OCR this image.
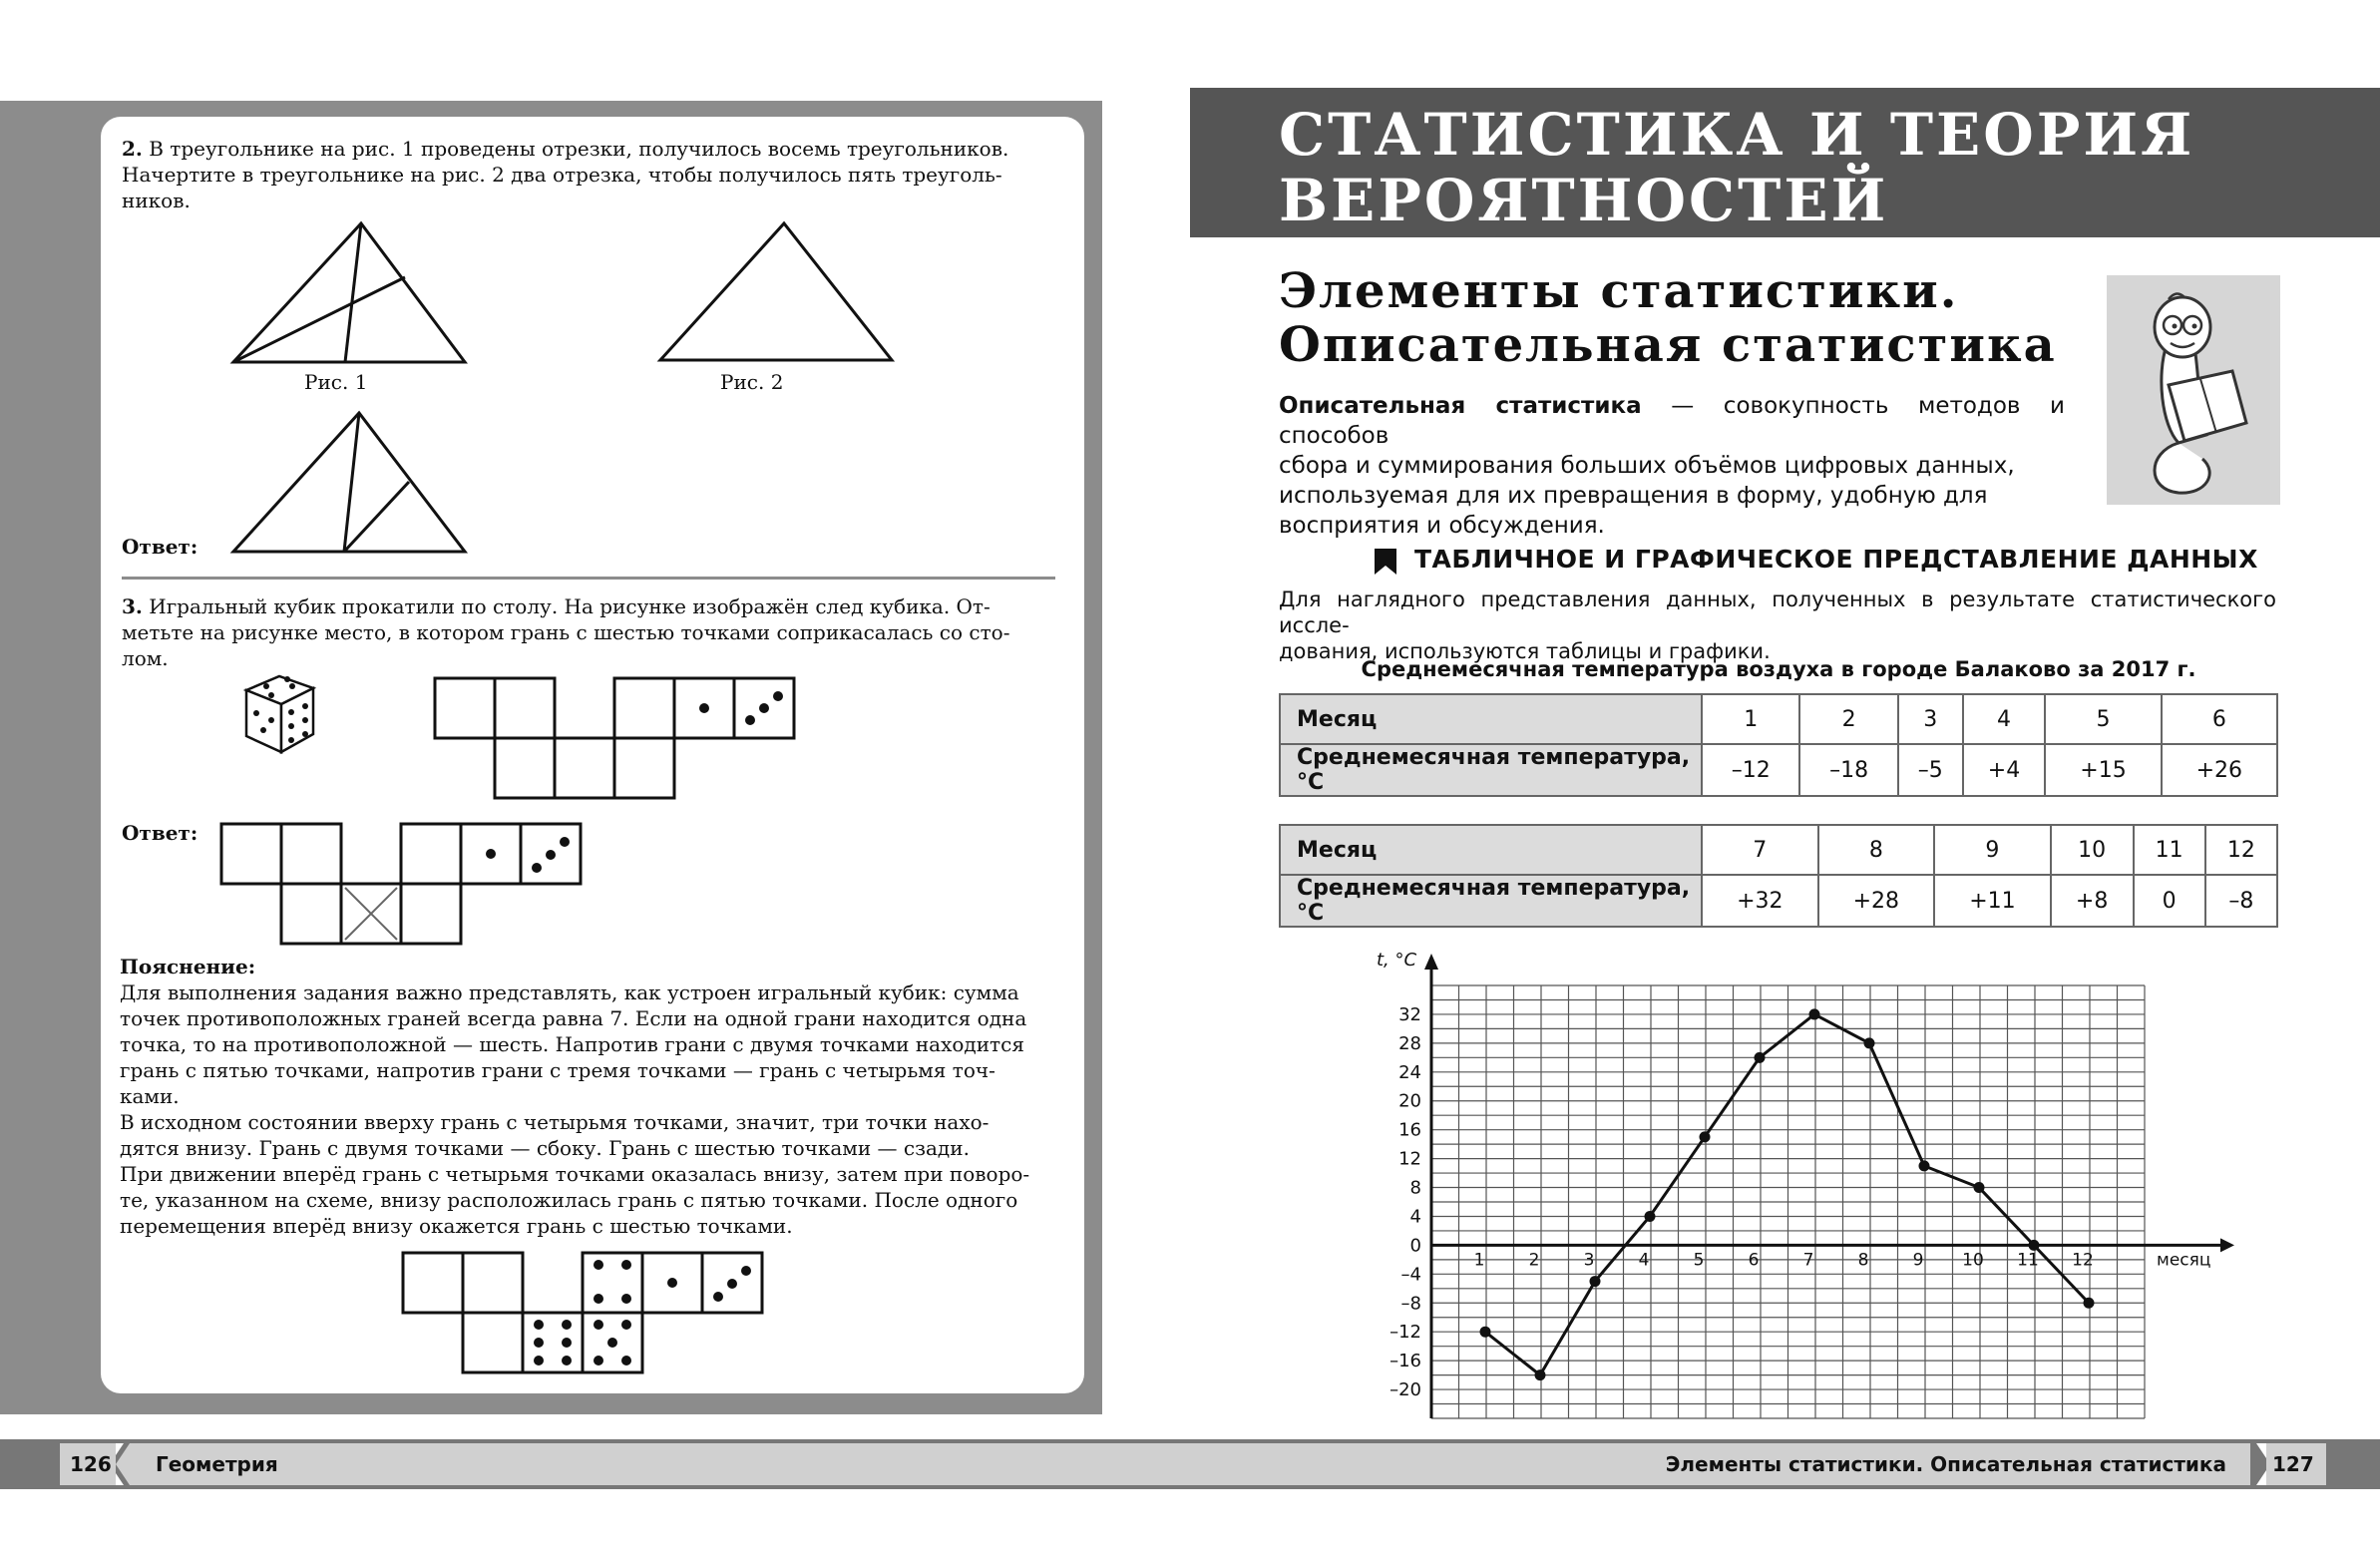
2. В треугольнике на рис. 1 проведены отрезки, получилось восемь треугольников.
Начертите в треугольнике на рис. 2 два отрезка, чтобы получилось пять треуголь-
ников.
Рис. 1	Рис. 2
Ответ:
3. Игральный кубик прокатили по столу. На рисунке изображён след кубика. От-
метьте на рисунке место, в котором грань с шестью точками соприкасалась со сто-
лом.
Ответ:
Пояснение:
Для выполнения задания важно представлять, как устроен игральный кубик: сумма
точек противоположных граней всегда равна 7. Если на одной грани находится одна
точка, то на противоположной — шесть. Напротив грани с двумя точками находится
грань с пятью точками, напротив грани с тремя точками — грань с четырьмя точ-
ками.
В исходном состоянии вверху грань с четырьмя точками, значит, три точки нахо-
дятся внизу. Грань с двумя точками — сбоку. Грань с шестью точками — сзади.
При движении вперёд грань с четырьмя точками оказалась внизу, затем при поворо-
те, указанном на схеме, внизу расположилась грань с пятью точками. После одного
перемещения вперёд внизу окажется грань с шестью точками.
СТАТИСТИКА И ТЕОРИЯ
ВЕРОЯТНОСТЕЙ
Элементы статистики.
Описательная статистика
Описательная статистика — совокупность методов и способов
сбора и суммирования больших объёмов цифровых данных,
используемая для их превращения в форму, удобную для
восприятия и обсуждения.
ТАБЛИЧНОЕ И ГРАФИЧЕСКОЕ ПРЕДСТАВЛЕНИЕ ДАННЫХ
Для наглядного представления данных, полученных в результате статистического иссле-
дования, используются таблицы и графики.
Среднемесячная температура воздуха в городе Балаково за 2017 г.
Месяц	1	2	3	4	5	6
Среднемесячная температура, °С	–12	–18	–5	+4	+15	+26
Месяц	7	8	9	10	11	12
Среднемесячная температура, °С	+32	+28	+11	+8	0	–8
32
28
24
20
16
12
8
4
0
–4
–8
–12
–16
–20
1	2	3	4	5	6	7	8	9 10 11 12
t, °С
месяц
126 Геометрия	Элементы статистики. Описательная статистика 127
